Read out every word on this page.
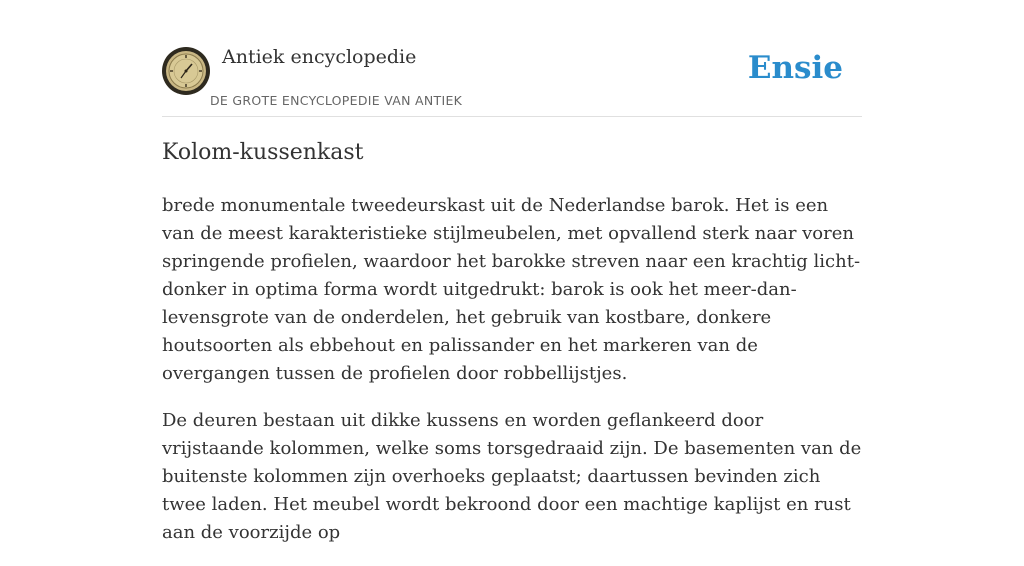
Antiek encyclopedie
DE GROTE ENCYCLOPEDIE VAN ANTIEK
Ensie
Kolom-kussenkast

brede monumentale tweedeurskast uit de Nederlandse barok. Het is een van de meest karakteristieke stijlmeubelen, met opvallend sterk naar voren springende profielen, waardoor het barokke streven naar een krachtig licht-donker in optima forma wordt uitgedrukt: barok is ook het meer-dan-levensgrote van de onderdelen, het gebruik van kostbare, donkere houtsoorten als ebbehout en palissander en het markeren van de overgangen tussen de profielen door robbellijstjes.

De deuren bestaan uit dikke kussens en worden geflankeerd door vrijstaande kolommen, welke soms torsgedraaid zijn. De basementen van de buitenste kolommen zijn overhoeks geplaatst; daartussen bevinden zich twee laden. Het meubel wordt bekroond door een machtige kaplijst en rust aan de voorzijde op
